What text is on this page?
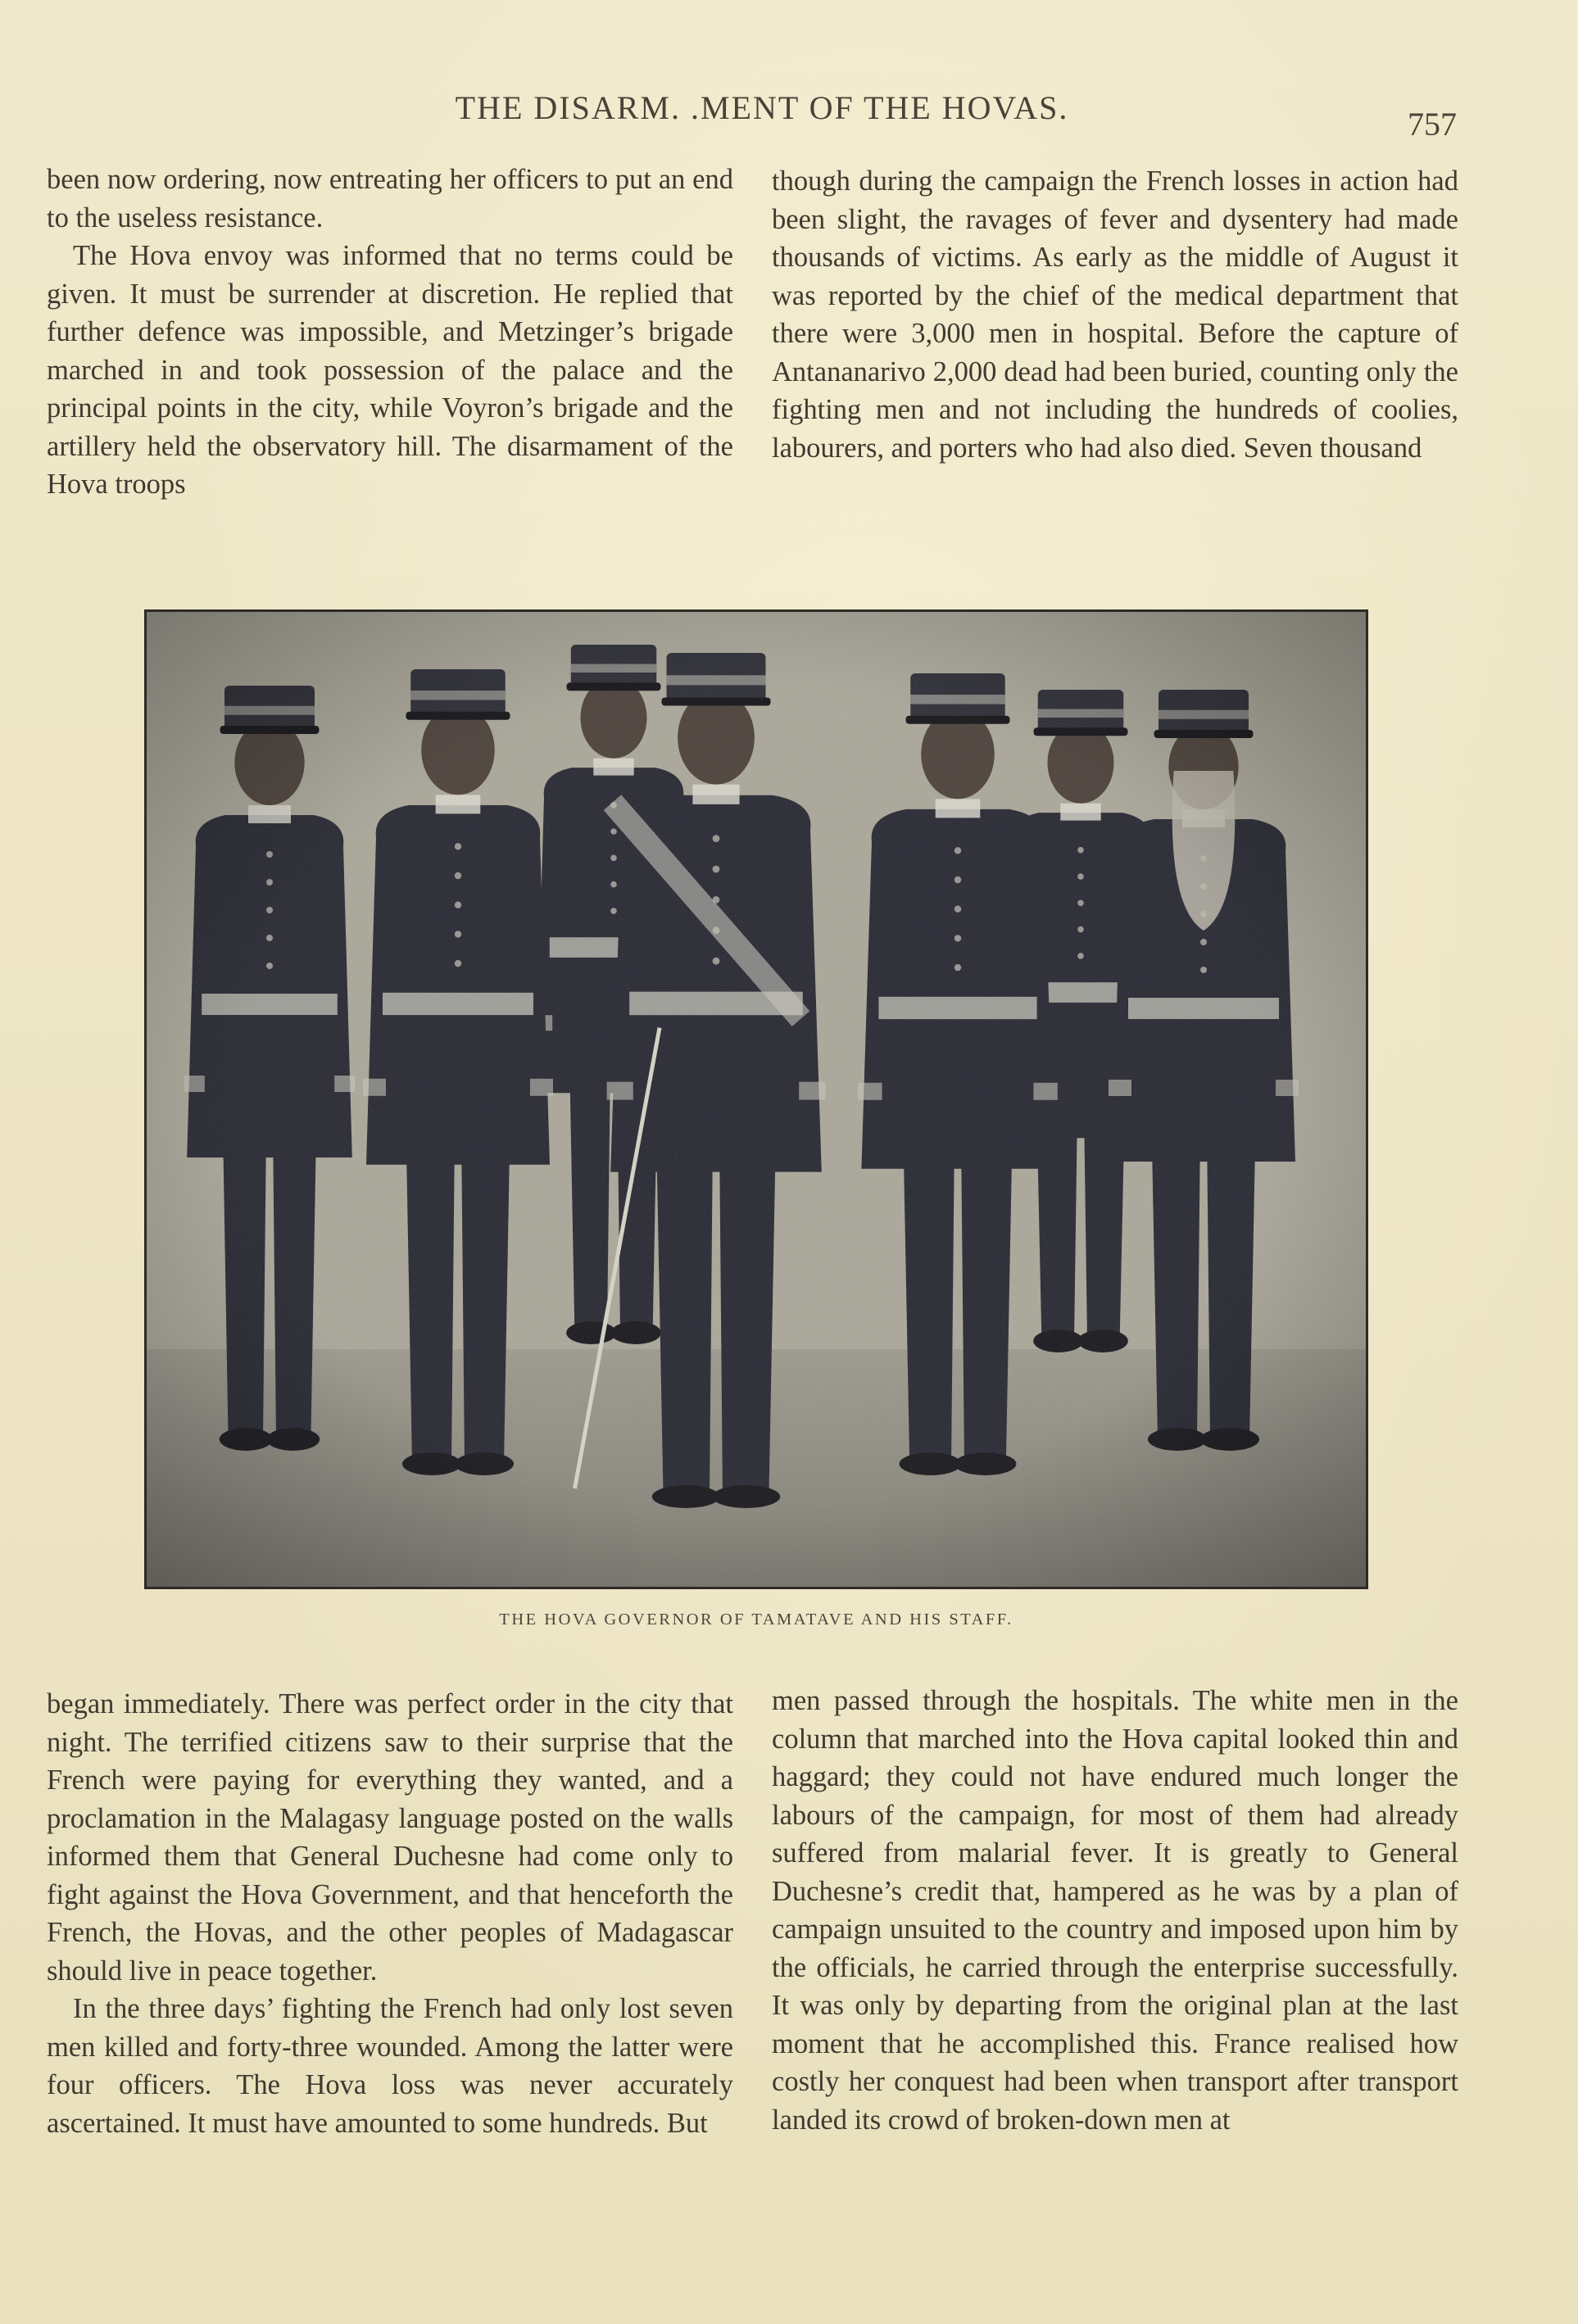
THE DISARM. .MENT OF THE HOVAS.	757

been now ordering, now entreating her officers to put an end to the useless resistance.

The Hova envoy was informed that no terms could be given. It must be surrender at discretion. He replied that further defence was impossible, and Metzinger’s brigade marched in and took possession of the palace and the principal points in the city, while Voyron’s brigade and the artillery held the observatory hill. The disarmament of the Hova troops

though during the campaign the French losses in action had been slight, the ravages of fever and dysentery had made thousands of victims. As early as the middle of August it was reported by the chief of the medical department that there were 3,000 men in hospital. Before the capture of Antananarivo 2,000 dead had been buried, counting only the fighting men and not including the hundreds of coolies, labourers, and porters who had also died. Seven thousand

THE HOVA GOVERNOR OF TAMATAVE AND HIS STAFF.

began immediately. There was perfect order in the city that night. The terrified citizens saw to their surprise that the French were paying for everything they wanted, and a proclamation in the Malagasy language posted on the walls informed them that General Duchesne had come only to fight against the Hova Government, and that henceforth the French, the Hovas, and the other peoples of Madagascar should live in peace together.

In the three days’ fighting the French had only lost seven men killed and forty-three wounded. Among the latter were four officers. The Hova loss was never accurately ascertained. It must have amounted to some hundreds. But

men passed through the hospitals. The white men in the column that marched into the Hova capital looked thin and haggard; they could not have endured much longer the labours of the campaign, for most of them had already suffered from malarial fever. It is greatly to General Duchesne’s credit that, hampered as he was by a plan of campaign unsuited to the country and imposed upon him by the officials, he carried through the enterprise successfully. It was only by departing from the original plan at the last moment that he accomplished this. France realised how costly her conquest had been when transport after transport landed its crowd of broken-down men at
